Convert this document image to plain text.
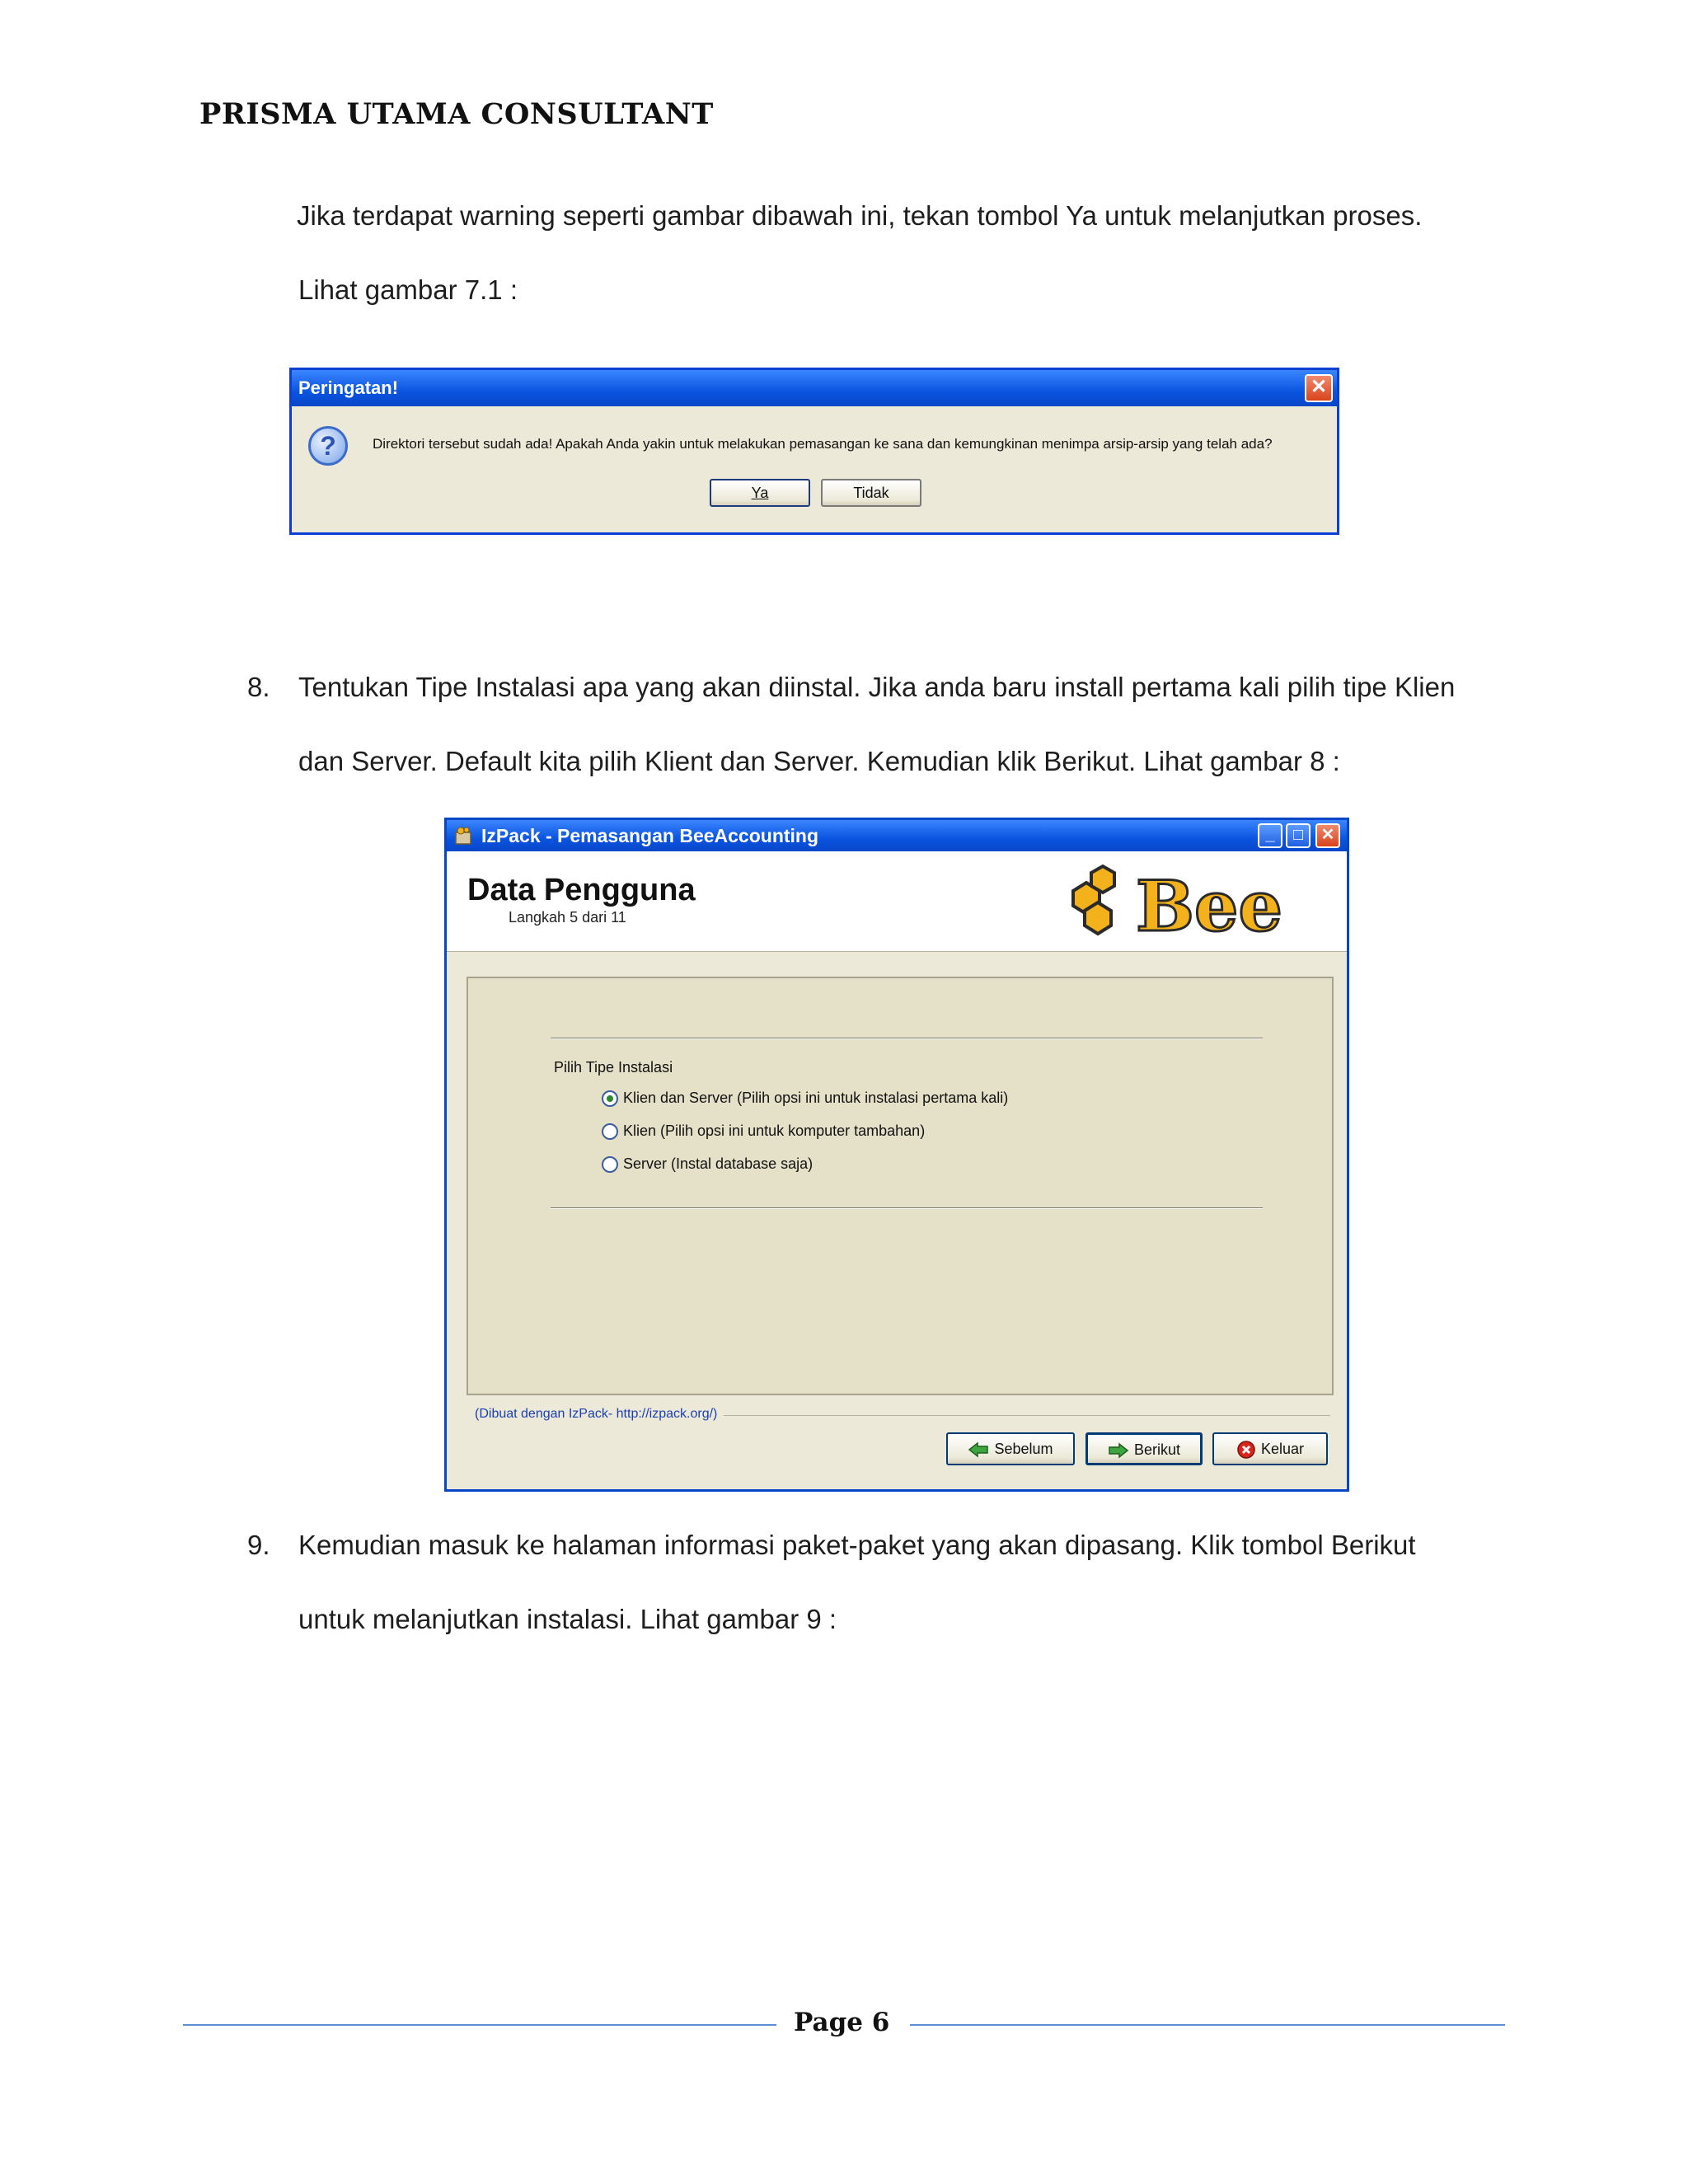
PRISMA UTAMA CONSULTANT
Jika terdapat warning seperti gambar dibawah ini, tekan tombol Ya untuk melanjutkan proses.
Lihat gambar 7.1 :
Peringatan!	✕
?	Direktori tersebut sudah ada! Apakah Anda yakin untuk melakukan pemasangan ke sana dan kemungkinan menimpa arsip-arsip yang telah ada?
Ya	Tidak
8. Tentukan Tipe Instalasi apa yang akan diinstal. Jika anda baru install pertama kali pilih tipe Klien
dan Server. Default kita pilih Klient dan Server. Kemudian klik Berikut. Lihat gambar 8 :
IzPack - Pemasangan BeeAccounting	_	□	✕
Data Pengguna
Langkah 5 dari 11	Bee
Pilih Tipe Instalasi
Klien dan Server (Pilih opsi ini untuk instalasi pertama kali)
Klien (Pilih opsi ini untuk komputer tambahan)
Server (Instal database saja)
(Dibuat dengan IzPack- http://izpack.org/)
Sebelum	Berikut	Keluar
9. Kemudian masuk ke halaman informasi paket-paket yang akan dipasang. Klik tombol Berikut
untuk melanjutkan instalasi. Lihat gambar 9 :
Page 6
